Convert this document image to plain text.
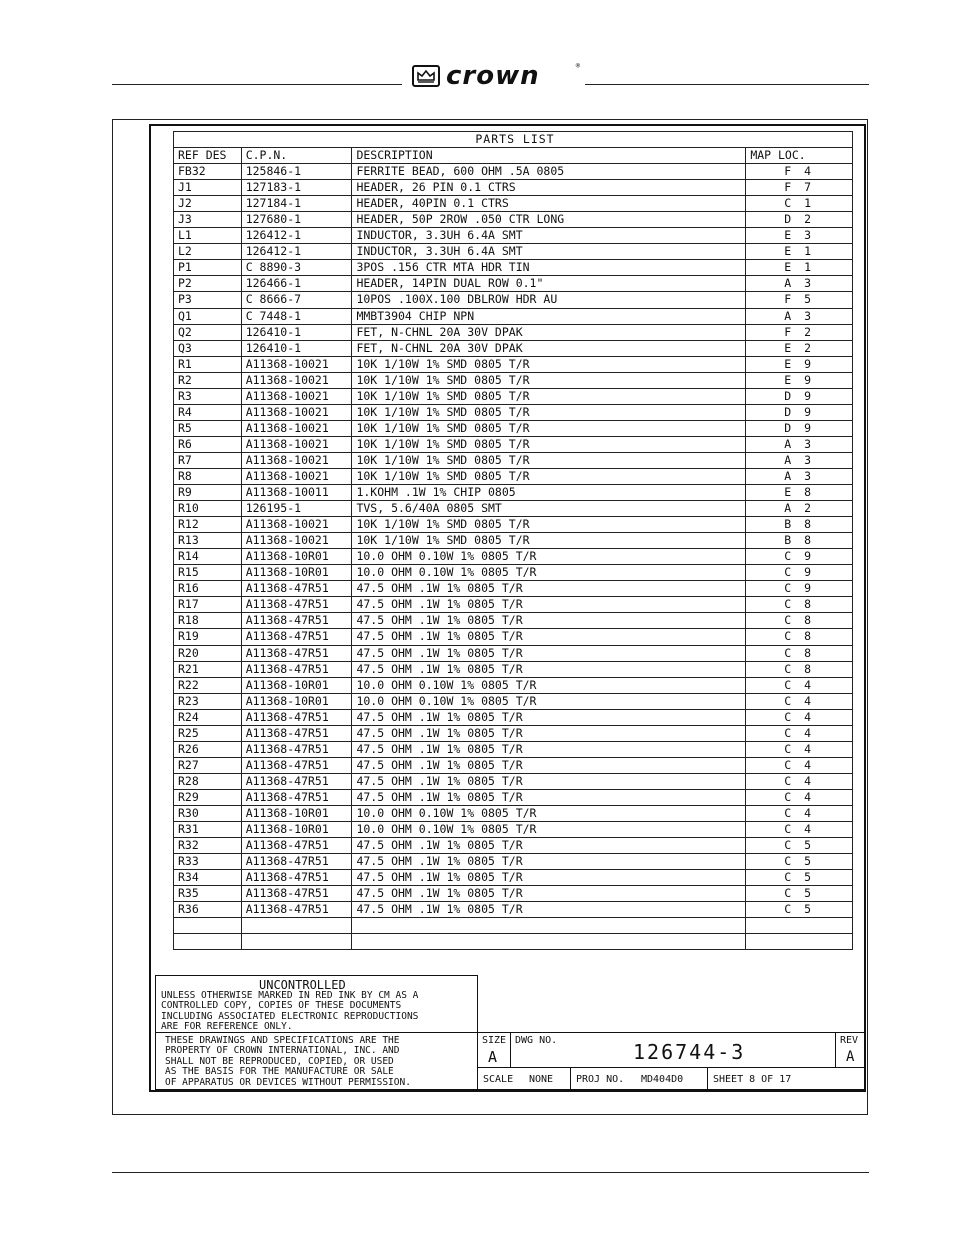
crown	®
PARTS LIST			
REF DES	C.P.N.	DESCRIPTION	MAP LOC.
FB32	125846-1	FERRITE BEAD, 600 OHM .5A 0805	F 4
J1	127183-1	HEADER, 26 PIN 0.1 CTRS	F 7
J2	127184-1	HEADER, 40PIN 0.1 CTRS	C 1
J3	127680-1	HEADER, 50P 2ROW .050 CTR LONG	D 2
L1	126412-1	INDUCTOR, 3.3UH 6.4A SMT	E 3
L2	126412-1	INDUCTOR, 3.3UH 6.4A SMT	E 1
P1	C 8890-3	3POS .156 CTR MTA HDR TIN	E 1
P2	126466-1	HEADER, 14PIN DUAL ROW 0.1"	A 3
P3	C 8666-7	10POS .100X.100 DBLROW HDR AU	F 5
Q1	C 7448-1	MMBT3904 CHIP NPN	A 3
Q2	126410-1	FET, N-CHNL 20A 30V DPAK	F 2
Q3	126410-1	FET, N-CHNL 20A 30V DPAK	E 2
R1	A11368-10021	10K 1/10W 1% SMD 0805 T/R	E 9
R2	A11368-10021	10K 1/10W 1% SMD 0805 T/R	E 9
R3	A11368-10021	10K 1/10W 1% SMD 0805 T/R	D 9
R4	A11368-10021	10K 1/10W 1% SMD 0805 T/R	D 9
R5	A11368-10021	10K 1/10W 1% SMD 0805 T/R	D 9
R6	A11368-10021	10K 1/10W 1% SMD 0805 T/R	A 3
R7	A11368-10021	10K 1/10W 1% SMD 0805 T/R	A 3
R8	A11368-10021	10K 1/10W 1% SMD 0805 T/R	A 3
R9	A11368-10011	1.KOHM .1W 1% CHIP 0805	E 8
R10	126195-1	TVS, 5.6/40A 0805 SMT	A 2
R12	A11368-10021	10K 1/10W 1% SMD 0805 T/R	B 8
R13	A11368-10021	10K 1/10W 1% SMD 0805 T/R	B 8
R14	A11368-10R01	10.0 OHM 0.10W 1% 0805 T/R	C 9
R15	A11368-10R01	10.0 OHM 0.10W 1% 0805 T/R	C 9
R16	A11368-47R51	47.5 OHM .1W 1% 0805 T/R	C 9
R17	A11368-47R51	47.5 OHM .1W 1% 0805 T/R	C 8
R18	A11368-47R51	47.5 OHM .1W 1% 0805 T/R	C 8
R19	A11368-47R51	47.5 OHM .1W 1% 0805 T/R	C 8
R20	A11368-47R51	47.5 OHM .1W 1% 0805 T/R	C 8
R21	A11368-47R51	47.5 OHM .1W 1% 0805 T/R	C 8
R22	A11368-10R01	10.0 OHM 0.10W 1% 0805 T/R	C 4
R23	A11368-10R01	10.0 OHM 0.10W 1% 0805 T/R	C 4
R24	A11368-47R51	47.5 OHM .1W 1% 0805 T/R	C 4
R25	A11368-47R51	47.5 OHM .1W 1% 0805 T/R	C 4
R26	A11368-47R51	47.5 OHM .1W 1% 0805 T/R	C 4
R27	A11368-47R51	47.5 OHM .1W 1% 0805 T/R	C 4
R28	A11368-47R51	47.5 OHM .1W 1% 0805 T/R	C 4
R29	A11368-47R51	47.5 OHM .1W 1% 0805 T/R	C 4
R30	A11368-10R01	10.0 OHM 0.10W 1% 0805 T/R	C 4
R31	A11368-10R01	10.0 OHM 0.10W 1% 0805 T/R	C 4
R32	A11368-47R51	47.5 OHM .1W 1% 0805 T/R	C 5
R33	A11368-47R51	47.5 OHM .1W 1% 0805 T/R	C 5
R34	A11368-47R51	47.5 OHM .1W 1% 0805 T/R	C 5
R35	A11368-47R51	47.5 OHM .1W 1% 0805 T/R	C 5
R36	A11368-47R51	47.5 OHM .1W 1% 0805 T/R	C 5

UNCONTROLLED
UNLESS OTHERWISE MARKED IN RED INK BY CM AS A
CONTROLLED COPY, COPIES OF THESE DOCUMENTS
INCLUDING ASSOCIATED ELECTRONIC REPRODUCTIONS
ARE FOR REFERENCE ONLY.
THESE DRAWINGS AND SPECIFICATIONS ARE THE
PROPERTY OF CROWN INTERNATIONAL, INC. AND
SHALL NOT BE REPRODUCED, COPIED, OR USED
AS THE BASIS FOR THE MANUFACTURE OR SALE
OF APPARATUS OR DEVICES WITHOUT PERMISSION.
SIZE
A
DWG NO.	126744-3	REV
A
SCALE NONE PROJ NO. MD404D0	SHEET 8 OF 17
